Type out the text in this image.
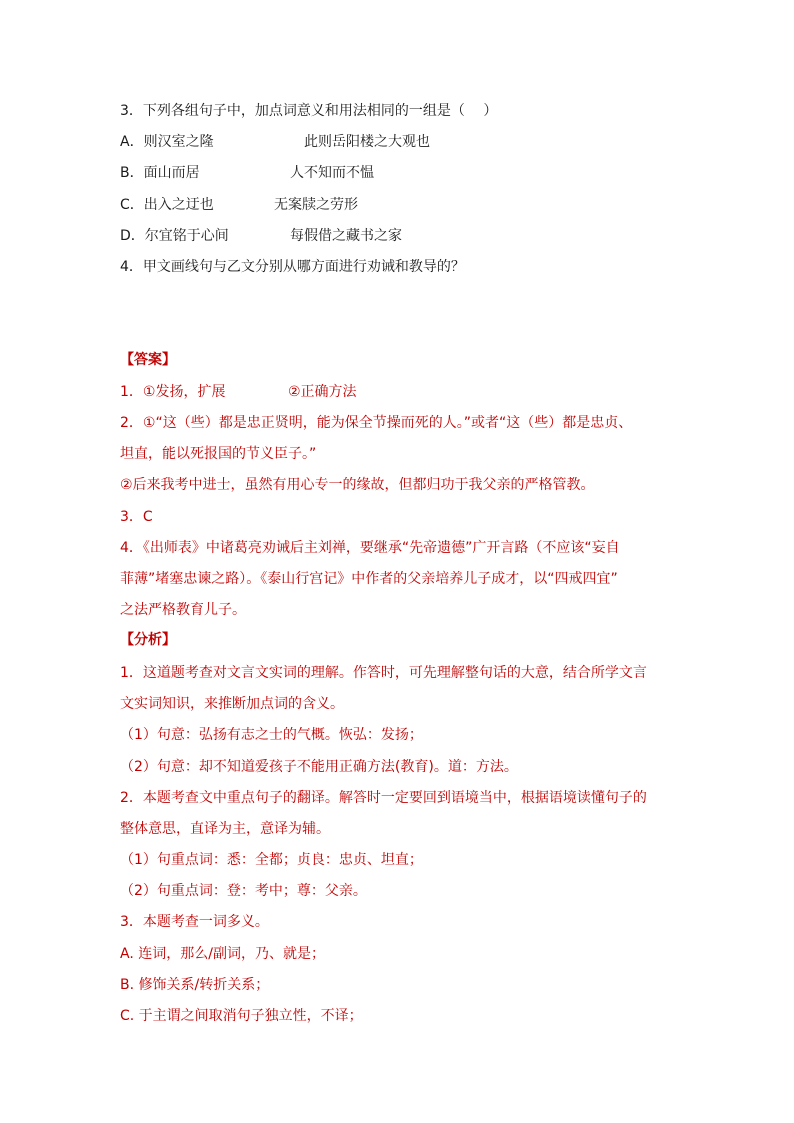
3．下列各组句子中，加点词意义和用法相同的一组是（　 ）
A．则汉室之隆	此则岳阳楼之大观也
B．面山而居	人不知而不愠
C．出入之迂也	无案牍之劳形
D．尔宜铭于心间	每假借之藏书之家
4．甲文画线句与乙文分别从哪方面进行劝诫和教导的？
【答案】
1．①发扬，扩展	②正确方法
2．①“这（些）都是忠正贤明，能为保全节操而死的人。”或者“这（些）都是忠贞、
坦直，能以死报国的节义臣子。”
②后来我考中进士，虽然有用心专一的缘故，但都归功于我父亲的严格管教。
3．C
4．《出师表》中诸葛亮劝诫后主刘禅，要继承“先帝遗德”广开言路（不应该“妄自
菲薄”堵塞忠谏之路）。《泰山行宫记》中作者的父亲培养儿子成才，以“四戒四宜”
之法严格教育儿子。
【分析】
1．这道题考查对文言文实词的理解。作答时，可先理解整句话的大意，结合所学文言
文实词知识，来推断加点词的含义。
（1）句意：弘扬有志之士的气概。恢弘：发扬；
（2）句意：却不知道爱孩子不能用正确方法(教育)。道：方法。
2．本题考查文中重点句子的翻译。解答时一定要回到语境当中，根据语境读懂句子的
整体意思，直译为主，意译为辅。
（1）句重点词：悉：全都；贞良：忠贞、坦直；
（2）句重点词：登：考中；尊：父亲。
3．本题考查一词多义。
A. 连词，那么/副词，乃、就是；
B. 修饰关系/转折关系；
C. 于主谓之间取消句子独立性，不译；
